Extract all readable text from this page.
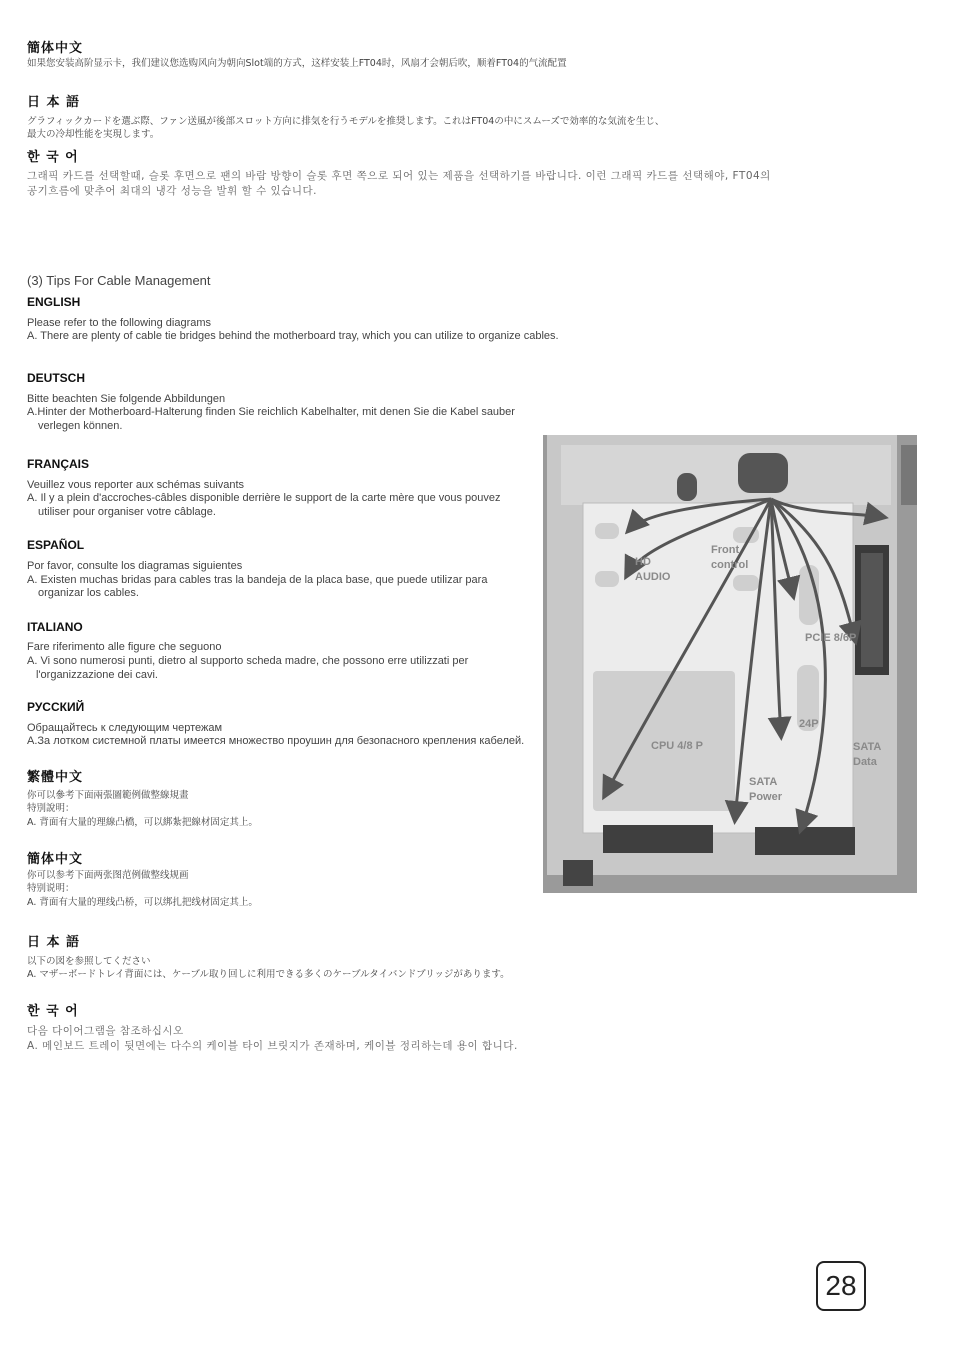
簡体中文
如果您安装高阶显示卡，我们建议您选购风向为朝向Slot端的方式，这样安装上FT04时，风扇才会朝后吹，顺着FT04的气流配置
日 本 語
グラフィックカードを選ぶ際、ファン送風が後部スロット方向に排気を行うモデルを推奨します。これはFT04の中にスムーズで効率的な気流を生じ、
最大の冷却性能を実現します。
한 국 어
그래픽 카드를 선택할때, 슬롯 후면으로 팬의 바람 방향이 슬롯 후면 쪽으로 되어 있는 제품을 선택하기를 바랍니다. 이런 그래픽 카드를 선택해야, FT04의
공기흐름에 맞추어 최대의 냉각 성능을 발휘 할 수 있습니다.
(3) Tips For Cable Management
ENGLISH
Please refer to the following diagrams
A. There are plenty of cable tie bridges behind the motherboard tray, which you can utilize to organize cables.
DEUTSCH
Bitte beachten Sie folgende Abbildungen
A.Hinter der Motherboard-Halterung finden Sie reichlich Kabelhalter, mit denen Sie die Kabel sauber
verlegen können.
FRANÇAIS
Veuillez vous reporter aux schémas suivants
A. Il y a plein d'accroches-câbles disponible derrière le support de la carte mère que vous pouvez
utiliser pour organiser votre câblage.
ESPAÑOL
Por favor, consulte los diagramas siguientes
A. Existen muchas bridas para cables tras la bandeja de la placa base, que puede utilizar para
organizar los cables.
ITALIANO
Fare riferimento alle figure che seguono
A. Vi sono numerosi punti, dietro al supporto scheda madre, che possono erre utilizzati per
l'organizzazione dei cavi.
РУССКИЙ
Обращайтесь к следующим чертежам
A.За лотком системной платы имеется множество проушин для безопасного крепления кабелей.
繁體中文
你可以參考下面兩張圖範例做整線規畫
特別說明：
A. 背面有大量的理線凸橋，可以綁紮把線材固定其上。
簡体中文
你可以参考下面两张图范例做整线规画
特别说明：
A. 背面有大量的理线凸桥，可以绑扎把线材固定其上。
日 本 語
以下の図を参照してください
A. マザーボードトレイ背面には、ケーブル取り回しに利用できる多くのケーブルタイバンドブリッジがあります。
한 국 어
다음 다이어그램을 참조하십시오
A. 메인보드 트레이 뒷면에는 다수의 케이블 타이 브릿지가 존재하며, 케이블 정리하는데 용이 합니다.
HD
AUDIO
Front
control
PCIE 8/6P
24P
CPU 4/8 P
SATA
Power
SATA
Data
28
